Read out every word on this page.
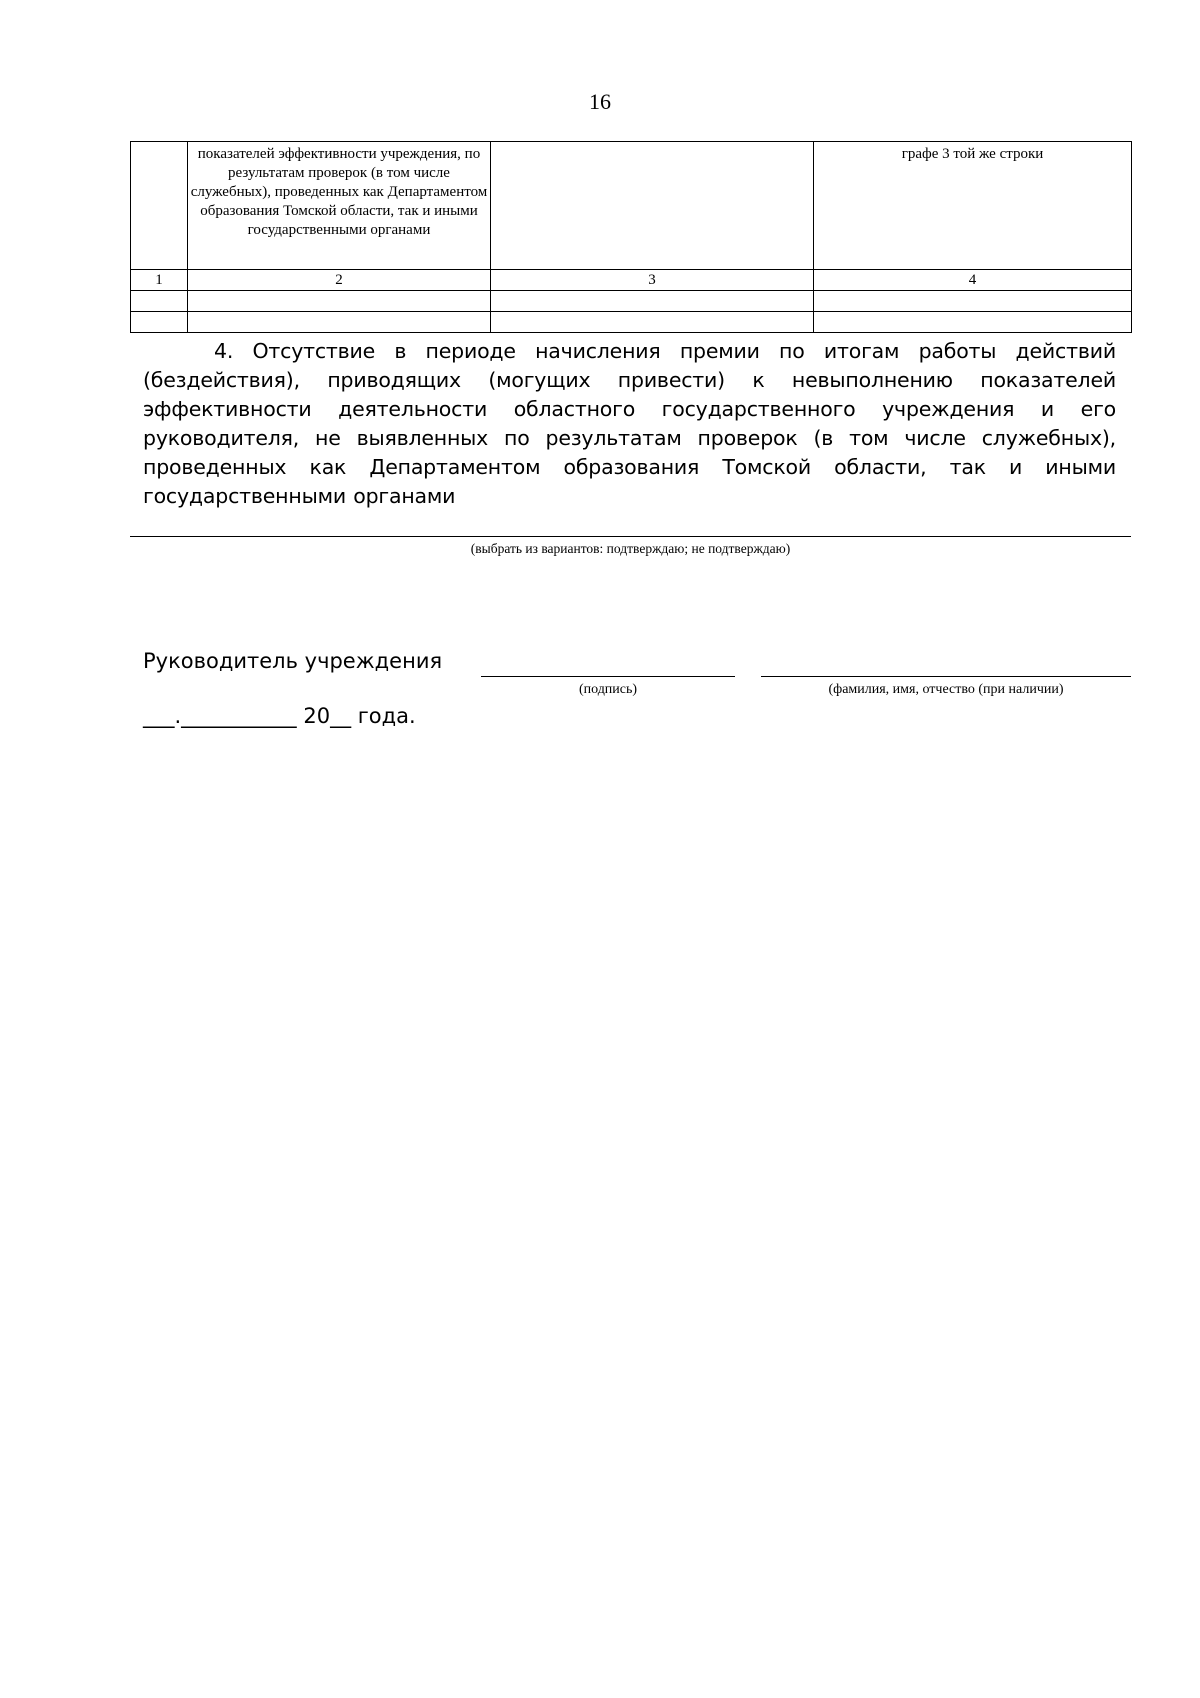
16

	показателей эффективности учреждения, по результатам проверок (в том числе служебных), проведенных как Департаментом образования Томской области, так и иными государственными органами		графе 3 той же строки

1	2	3	4

4. Отсутствие в периоде начисления премии по итогам работы действий (бездействия), приводящих (могущих привести) к невыполнению показателей эффективности деятельности областного государственного учреждения и его руководителя, не выявленных по результатам проверок (в том числе служебных), проведенных как Департаментом образования Томской области, так и иными государственными органами
(выбрать из вариантов: подтверждаю; не подтверждаю)
Руководитель учреждения
(подпись)	(фамилия, имя, отчество (при наличии)
___.___________ 20__ года.
